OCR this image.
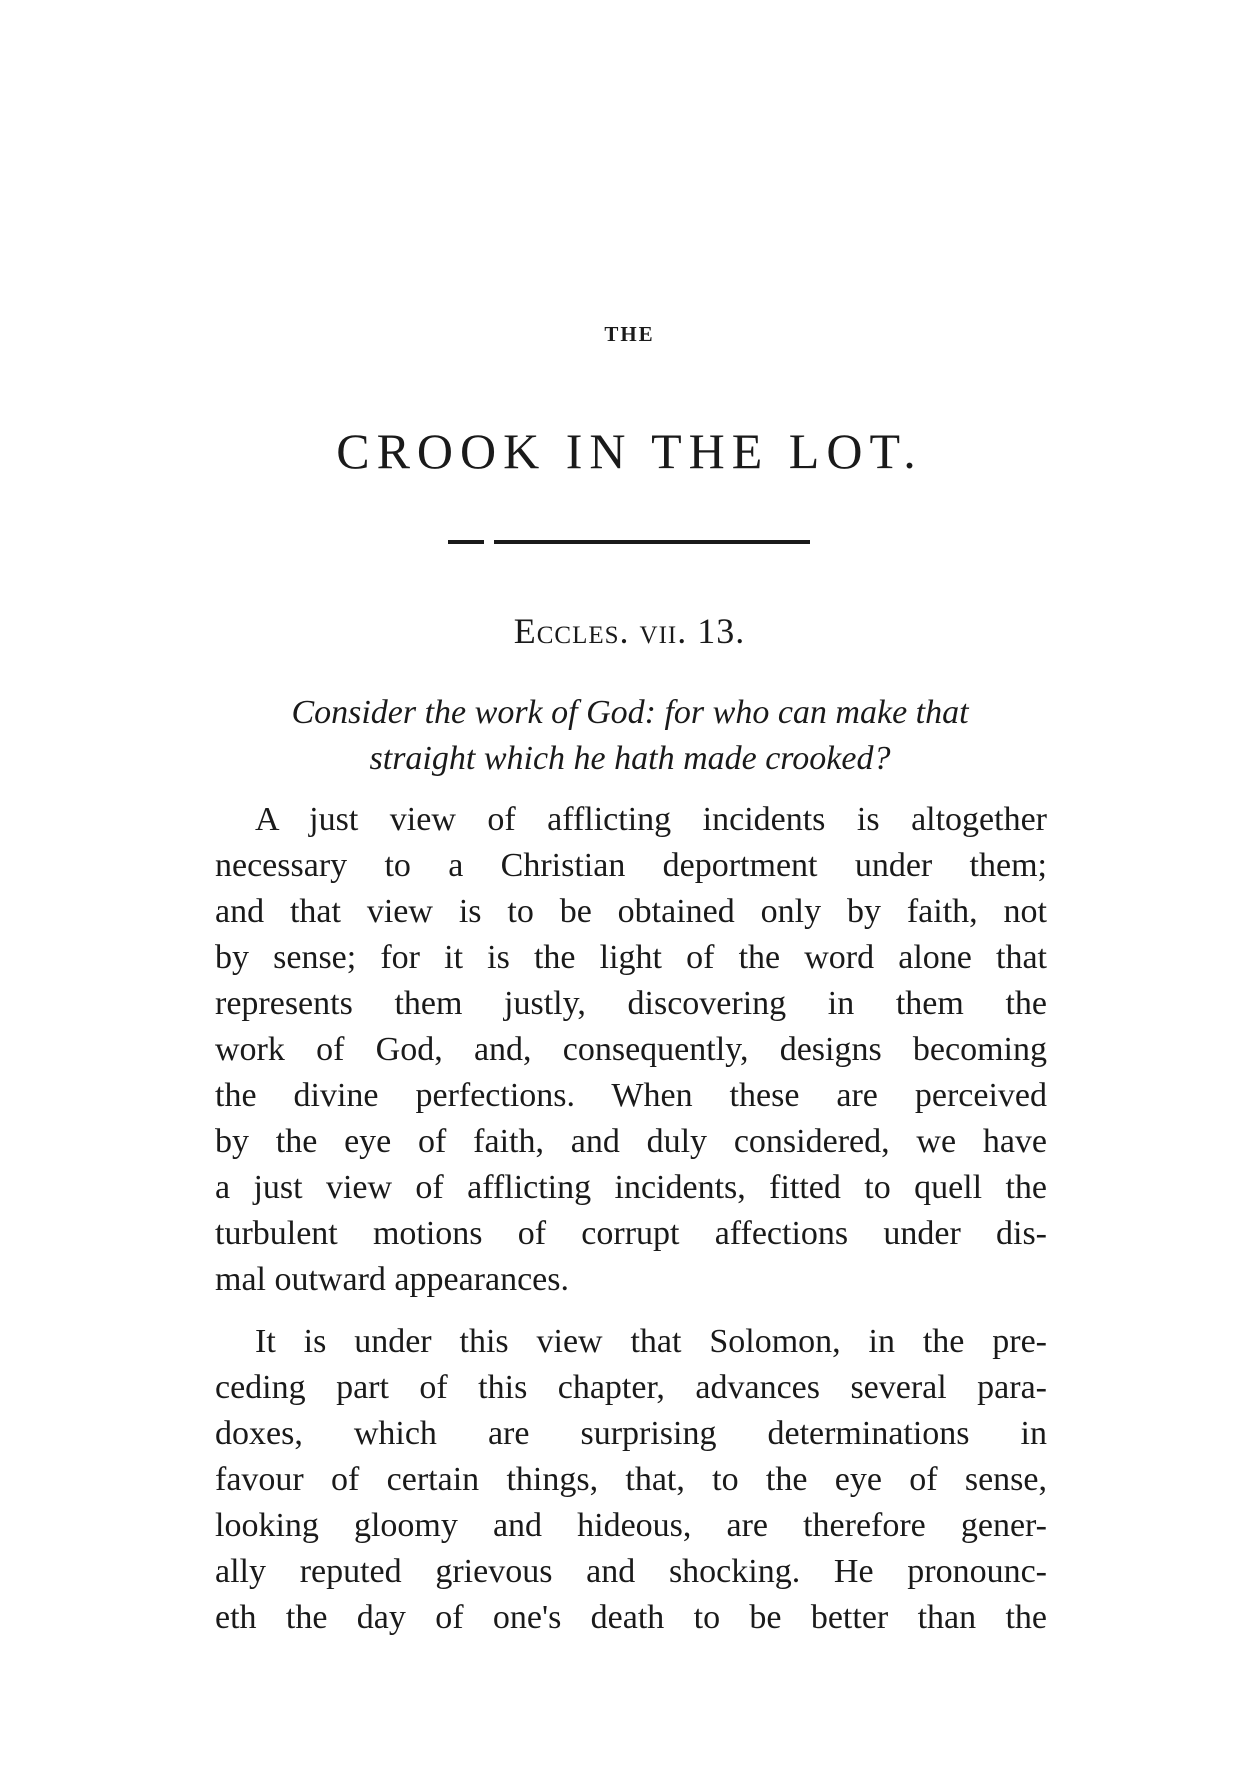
THE
CROOK IN THE LOT.
Eccles. vii. 13.
Consider the work of God: for who can make that
straight which he hath made crooked?
A just view of afflicting incidents is altogether
necessary to a Christian deportment under them;
and that view is to be obtained only by faith, not
by sense; for it is the light of the word alone that
represents them justly, discovering in them the
work of God, and, consequently, designs becoming
the divine perfections. When these are perceived
by the eye of faith, and duly considered, we have
a just view of afflicting incidents, fitted to quell the
turbulent motions of corrupt affections under dis-
mal outward appearances.
It is under this view that Solomon, in the pre-
ceding part of this chapter, advances several para-
doxes, which are surprising determinations in
favour of certain things, that, to the eye of sense,
looking gloomy and hideous, are therefore gener-
ally reputed grievous and shocking. He pronounc-
eth the day of one's death to be better than the
